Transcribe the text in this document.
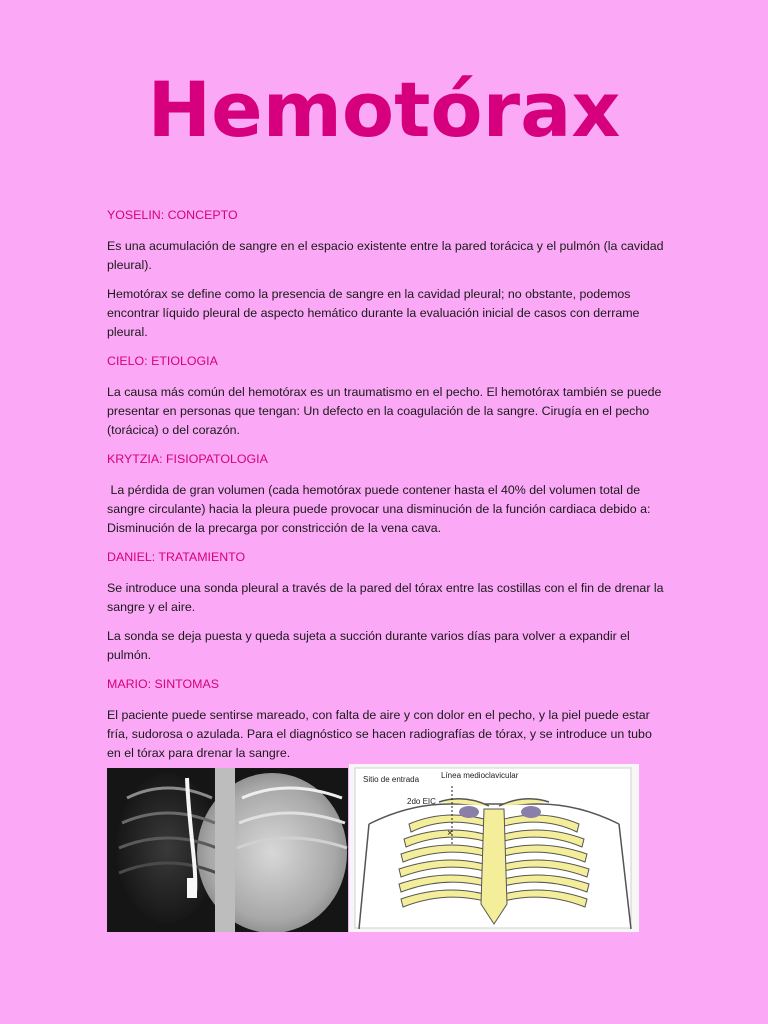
Hemotórax

YOSELIN: CONCEPTO

Es una acumulación de sangre en el espacio existente entre la pared torácica y el pulmón (la cavidad pleural).

Hemotórax se define como la presencia de sangre en la cavidad pleural; no obstante, podemos encontrar líquido pleural de aspecto hemático durante la evaluación inicial de casos con derrame pleural.

CIELO: ETIOLOGIA

La causa más común del hemotórax es un traumatismo en el pecho. El hemotórax también se puede presentar en personas que tengan: Un defecto en la coagulación de la sangre. Cirugía en el pecho (torácica) o del corazón.

KRYTZIA: FISIOPATOLOGIA

La pérdida de gran volumen (cada hemotórax puede contener hasta el 40% del volumen total de sangre circulante) hacia la pleura puede provocar una disminución de la función cardiaca debido a: Disminución de la precarga por constricción de la vena cava.

DANIEL: TRATAMIENTO

Se introduce una sonda pleural a través de la pared del tórax entre las costillas con el fin de drenar la sangre y el aire.

La sonda se deja puesta y queda sujeta a succión durante varios días para volver a expandir el pulmón.

MARIO: SINTOMAS

El paciente puede sentirse mareado, con falta de aire y con dolor en el pecho, y la piel puede estar fría, sudorosa o azulada. Para el diagnóstico se hacen radiografías de tórax, y se introduce un tubo en el tórax para drenar la sangre.

Sitio de entrada	Línea medioclavicular
2do EIC
×
